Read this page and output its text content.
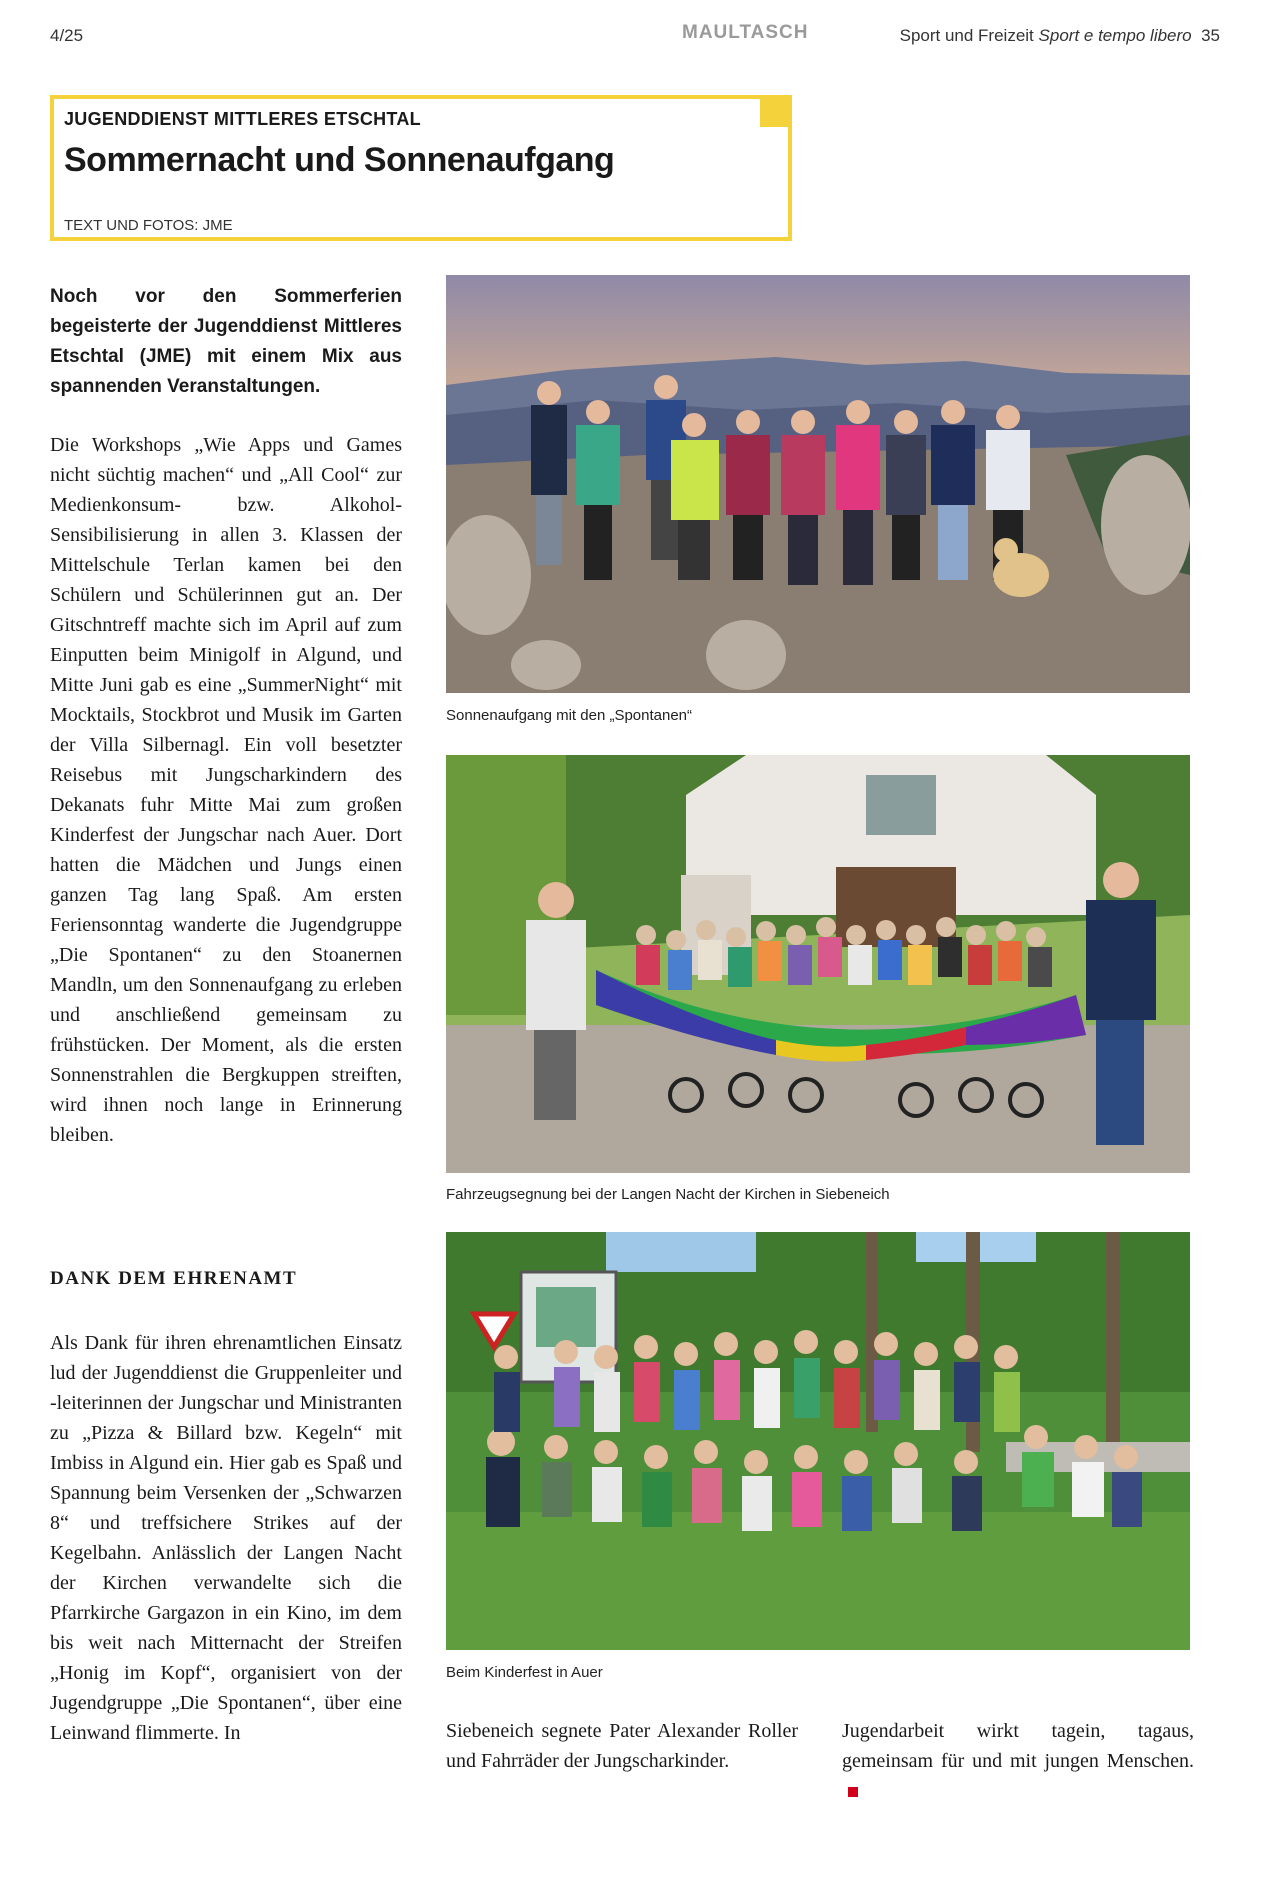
4/25	MAULTASCH	Sport und Freizeit Sport e tempo libero 35
JUGENDDIENST MITTLERES ETSCHTAL
Sommernacht und Sonnenaufgang
TEXT UND FOTOS: JME

Noch vor den Sommerferien begeisterte der Jugenddienst Mittleres Etschtal (JME) mit einem Mix aus spannenden Veranstaltungen.

Die Workshops „Wie Apps und Games nicht süchtig machen“ und „All Cool“ zur Medienkonsum- bzw. Alkohol-Sensibilisierung in allen 3. Klassen der Mittelschule Terlan kamen bei den Schülern und Schülerinnen gut an. Der Gitschntreff machte sich im April auf zum Einputten beim Minigolf in Algund, und Mitte Juni gab es eine „SummerNight“ mit Mocktails, Stockbrot und Musik im Garten der Villa Silbernagl. Ein voll besetzter Reisebus mit Jungscharkindern des Dekanats fuhr Mitte Mai zum großen Kinderfest der Jungschar nach Auer. Dort hatten die Mädchen und Jungs einen ganzen Tag lang Spaß. Am ersten Feriensonntag wanderte die Jugendgruppe „Die Spontanen“ zu den Stoanernen Mandln, um den Sonnenaufgang zu erleben und anschließend gemeinsam zu frühstücken. Der Moment, als die ersten Sonnenstrahlen die Bergkuppen streiften, wird ihnen noch lange in Erinnerung bleiben.

DANK DEM EHRENAMT

Als Dank für ihren ehrenamtlichen Einsatz lud der Jugenddienst die Gruppenleiter und -leiterinnen der Jungschar und Ministranten zu „Pizza & Billard bzw. Kegeln“ mit Imbiss in Algund ein. Hier gab es Spaß und Spannung beim Versenken der „Schwarzen 8“ und treffsichere Strikes auf der Kegelbahn. Anlässlich der Langen Nacht der Kirchen verwandelte sich die Pfarrkirche Gargazon in ein Kino, im dem bis weit nach Mitternacht der Streifen „Honig im Kopf“, organisiert von der Jugendgruppe „Die Spontanen“, über eine Leinwand flimmerte. In	Siebeneich segnete Pater Alexander Roller und Fahrräder der Jungscharkinder.

Jugendarbeit wirkt tagein, tagaus, gemeinsam für und mit jungen Menschen.

Sonnenaufgang mit den „Spontanen“
Fahrzeugsegnung bei der Langen Nacht der Kirchen in Siebeneich
Beim Kinderfest in Auer
